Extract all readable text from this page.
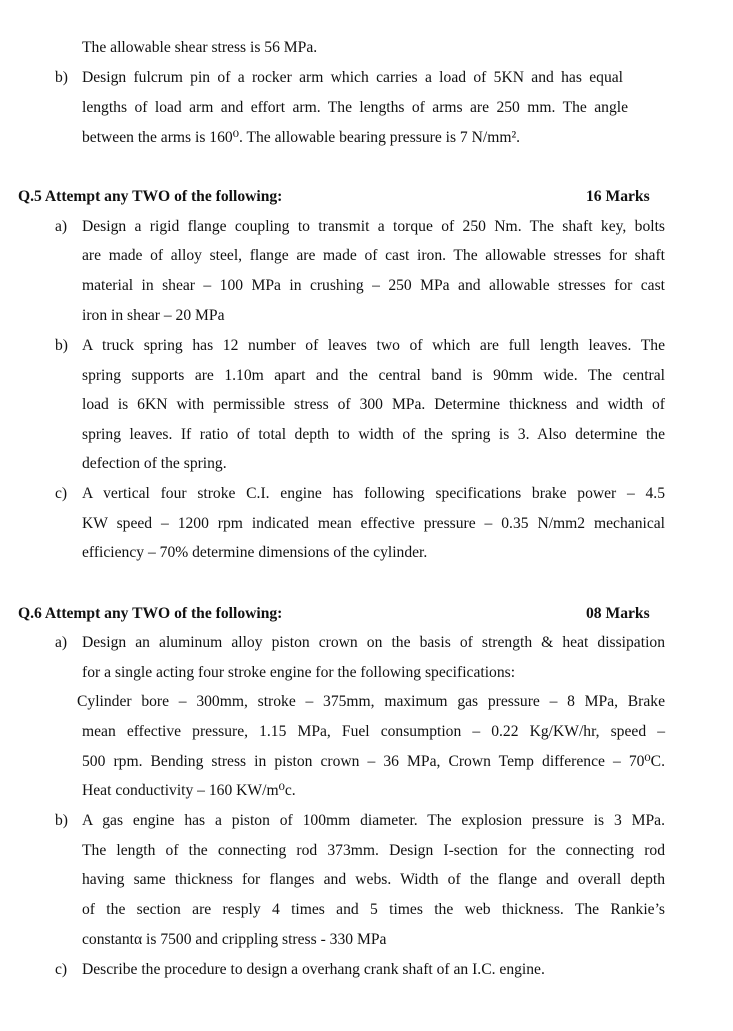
The allowable shear stress is 56 MPa.
b) Design fulcrum pin of a rocker arm which carries a load of 5KN and has equal
lengths of load arm and effort arm. The lengths of arms are 250 mm. The angle
between the arms is 160⁰. The allowable bearing pressure is 7 N/mm².
Q.5 Attempt any TWO of the following:	16 Marks
a) Design a rigid flange coupling to transmit a torque of 250 Nm. The shaft key, bolts
are made of alloy steel, flange are made of cast iron. The allowable stresses for shaft
material in shear – 100 MPa in crushing – 250 MPa and allowable stresses for cast
iron in shear – 20 MPa
b) A truck spring has 12 number of leaves two of which are full length leaves. The
spring supports are 1.10m apart and the central band is 90mm wide. The central
load is 6KN with permissible stress of 300 MPa. Determine thickness and width of
spring leaves. If ratio of total depth to width of the spring is 3. Also determine the
defection of the spring.
c) A vertical four stroke C.I. engine has following specifications brake power – 4.5
KW speed – 1200 rpm indicated mean effective pressure – 0.35 N/mm2 mechanical
efficiency – 70% determine dimensions of the cylinder.
Q.6 Attempt any TWO of the following:	08 Marks
a) Design an aluminum alloy piston crown on the basis of strength & heat dissipation
for a single acting four stroke engine for the following specifications:
Cylinder bore – 300mm, stroke – 375mm, maximum gas pressure – 8 MPa, Brake
mean effective pressure, 1.15 MPa, Fuel consumption – 0.22 Kg/KW/hr, speed –
500 rpm. Bending stress in piston crown – 36 MPa, Crown Temp difference – 70⁰C.
Heat conductivity – 160 KW/m⁰c.
b) A gas engine has a piston of 100mm diameter. The explosion pressure is 3 MPa.
The length of the connecting rod 373mm. Design I-section for the connecting rod
having same thickness for flanges and webs. Width of the flange and overall depth
of the section are resply 4 times and 5 times the web thickness. The Rankie’s
constantα is 7500 and crippling stress - 330 MPa
c) Describe the procedure to design a overhang crank shaft of an I.C. engine.
